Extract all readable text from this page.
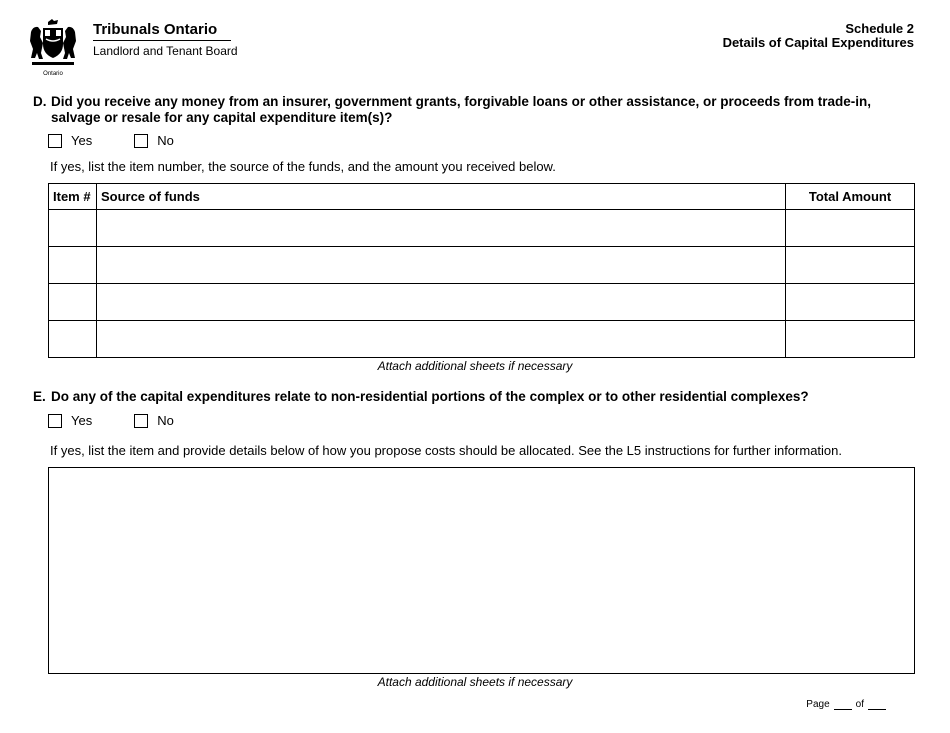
Ontario
Tribunals Ontario
Landlord and Tenant Board
Schedule 2
Details of Capital Expenditures
D. Did you receive any money from an insurer, government grants, forgivable loans or other assistance, or proceeds from trade-in, salvage or resale for any capital expenditure item(s)?
Yes	No
If yes, list the item number, the source of the funds, and the amount you received below.
Item #	Source of funds	Total Amount

Attach additional sheets if necessary
E. Do any of the capital expenditures relate to non-residential portions of the complex or to other residential complexes?
Yes	No
If yes, list the item and provide details below of how you propose costs should be allocated. See the L5 instructions for further information.
Attach additional sheets if necessary
Page	of
